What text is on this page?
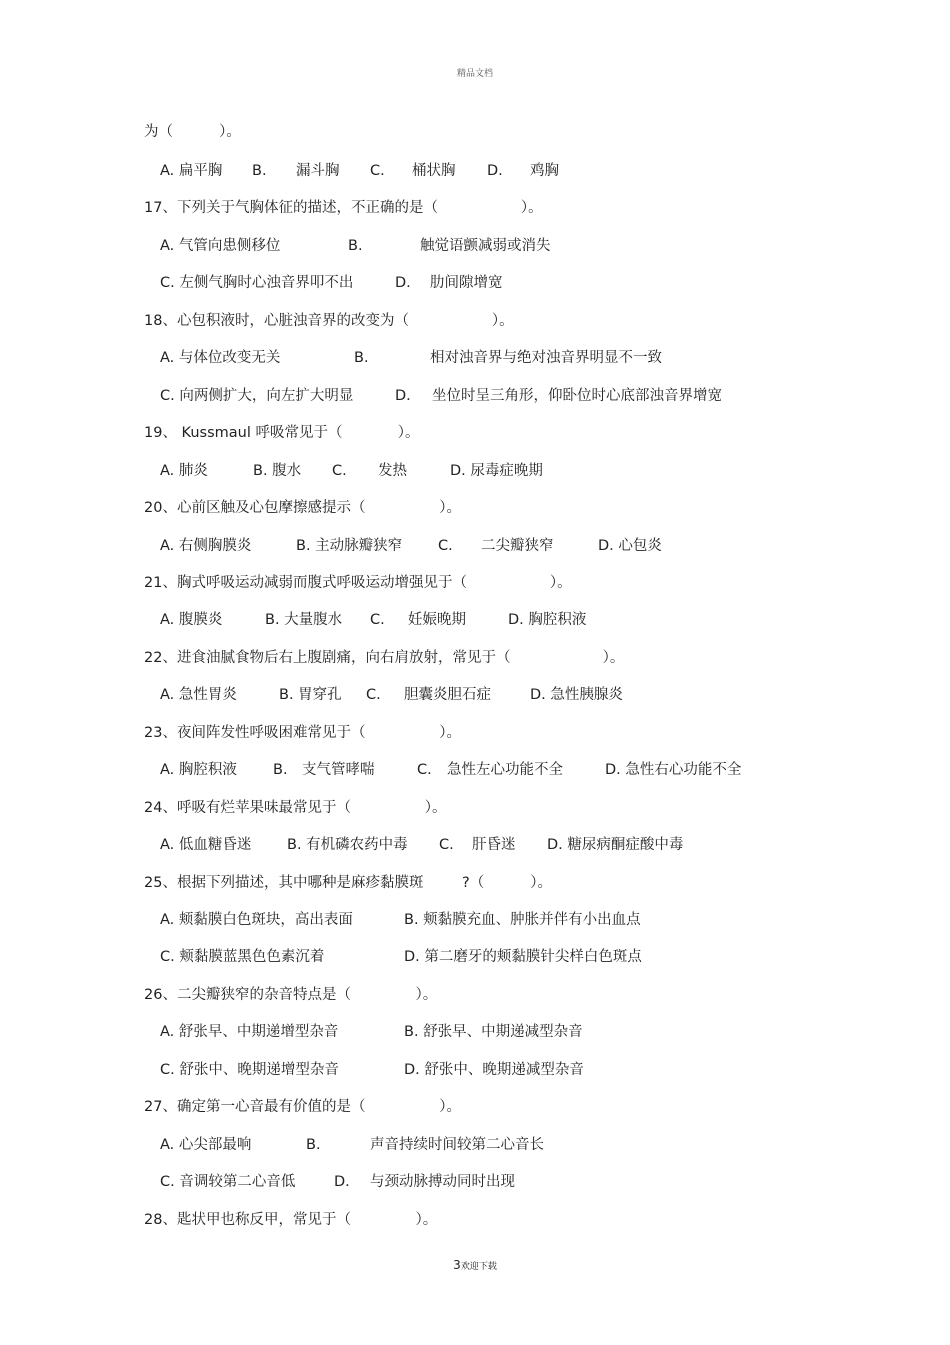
精品文档
为（          ）。
A. 扁平胸 B. 漏斗胸 C. 桶状胸 D. 鸡胸
17、下列关于气胸体征的描述，不正确的是（                  ）。
A. 气管向患侧移位	B.	触觉语颤减弱或消失
C. 左侧气胸时心浊音界叩不出	D. 肋间隙增宽
18、心包积液时，心脏浊音界的改变为（                  ）。
A. 与体位改变无关	B.	相对浊音界与绝对浊音界明显不一致
C. 向两侧扩大，向左扩大明显	D. 坐位时呈三角形，仰卧位时心底部浊音界增宽
19、 Kussmaul 呼吸常见于（            ）。
A. 肺炎	B. 腹水 C. 发热	D. 尿毒症晚期
20、心前区触及心包摩擦感提示（                ）。
A. 右侧胸膜炎	B. 主动脉瓣狭窄 C. 二尖瓣狭窄	D. 心包炎
21、胸式呼吸运动减弱而腹式呼吸运动增强见于（                  ）。
A. 腹膜炎	B. 大量腹水 C. 妊娠晚期	D. 胸腔积液
22、进食油腻食物后右上腹剧痛，向右肩放射，常见于（                    ）。
A. 急性胃炎	B. 胃穿孔 C. 胆囊炎胆石症	D. 急性胰腺炎
23、夜间阵发性呼吸困难常见于（                ）。
A. 胸腔积液 B. 支气管哮喘	C. 急性左心功能不全	D. 急性右心功能不全
24、呼吸有烂苹果味最常见于（                ）。
A. 低血糖昏迷 B. 有机磷农药中毒 C. 肝昏迷 D. 糖尿病酮症酸中毒
25、根据下列描述，其中哪种是麻疹黏膜斑	?（          ）。
A. 颊黏膜白色斑块，高出表面	B. 颊黏膜充血、肿胀并伴有小出血点
C. 颊黏膜蓝黑色色素沉着	D. 第二磨牙的颊黏膜针尖样白色斑点
26、二尖瓣狭窄的杂音特点是（              ）。
A. 舒张早、中期递增型杂音	B. 舒张早、中期递减型杂音
C. 舒张中、晚期递增型杂音	D. 舒张中、晚期递减型杂音
27、确定第一心音最有价值的是（                ）。
A. 心尖部最响	B.	声音持续时间较第二心音长
C. 音调较第二心音低	D. 与颈动脉搏动同时出现
28、匙状甲也称反甲，常见于（              ）。
3欢迎下载
